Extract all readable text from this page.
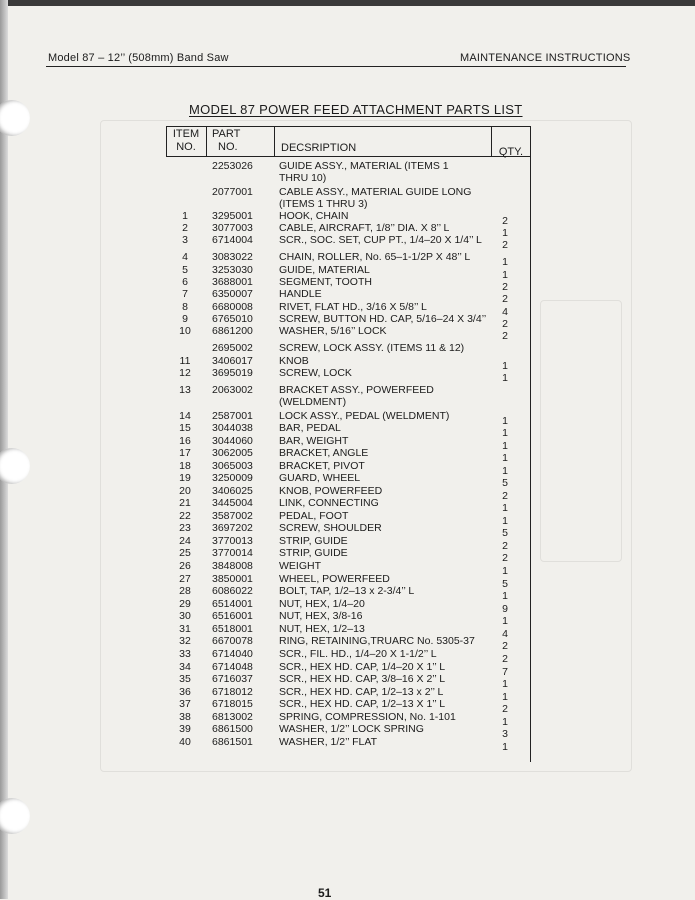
Model 87 – 12’’ (508mm) Band Saw	MAINTENANCE INSTRUCTIONS
MODEL 87 POWER FEED ATTACHMENT PARTS LIST
ITEM
NO.
PART
NO.	DECSRIPTION	QTY.
2253026 GUIDE ASSY., MATERIAL (ITEMS 1
THRU 10)
2077001 CABLE ASSY., MATERIAL GUIDE LONG
(ITEMS 1 THRU 3)
1	3295001 HOOK, CHAIN	2
2	3077003 CABLE, AIRCRAFT, 1/8’’ DIA. X 8’’ L	1
3	6714004 SCR., SOC. SET, CUP PT., 1/4–20 X 1/4’’ L	2
4	3083022 CHAIN, ROLLER, No. 65–1-1/2P X 48’’ L	1
5	3253030 GUIDE, MATERIAL	1
6	3688001 SEGMENT, TOOTH	2
7	6350007 HANDLE	2
8	6680008 RIVET, FLAT HD., 3/16 X 5/8’’ L	4
9	6765010 SCREW, BUTTON HD. CAP, 5/16–24 X 3/4’’	2
10	6861200 WASHER, 5/16’’ LOCK	2
2695002 SCREW, LOCK ASSY. (ITEMS 11 & 12)
11	3406017 KNOB	1
12	3695019 SCREW, LOCK	1
13	2063002 BRACKET ASSY., POWERFEED
(WELDMENT)
14	2587001 LOCK ASSY., PEDAL (WELDMENT)	1
15	3044038 BAR, PEDAL	1
16	3044060 BAR, WEIGHT	1
17	3062005 BRACKET, ANGLE	1
18	3065003 BRACKET, PIVOT	1
19	3250009 GUARD, WHEEL	5
20	3406025 KNOB, POWERFEED	2
21	3445004 LINK, CONNECTING	1
22	3587002 PEDAL, FOOT	1
23	3697202 SCREW, SHOULDER	5
24	3770013 STRIP, GUIDE	2
25	3770014 STRIP, GUIDE	2
26	3848008 WEIGHT	1
27	3850001 WHEEL, POWERFEED	5
28	6086022 BOLT, TAP, 1/2–13 x 2-3/4’’ L	1
29	6514001 NUT, HEX, 1/4–20	9
30	6516001 NUT, HEX, 3/8-16	1
31	6518001 NUT, HEX, 1/2–13	4
32	6670078 RING, RETAINING,TRUARC No. 5305-37	2
33	6714040 SCR., FIL. HD., 1/4–20 X 1-1/2’’ L	2
34	6714048 SCR., HEX HD. CAP, 1/4–20 X 1’’ L	7
35	6716037 SCR., HEX HD. CAP, 3/8–16 X 2’’ L	1
36	6718012 SCR., HEX HD. CAP, 1/2–13 x 2’’ L	1
37	6718015 SCR., HEX HD. CAP, 1/2–13 X 1’’ L	2
38	6813002 SPRING, COMPRESSION, No. 1-101	1
39	6861500 WASHER, 1/2’’ LOCK SPRING	3
40	6861501 WASHER, 1/2’’ FLAT	1
51
